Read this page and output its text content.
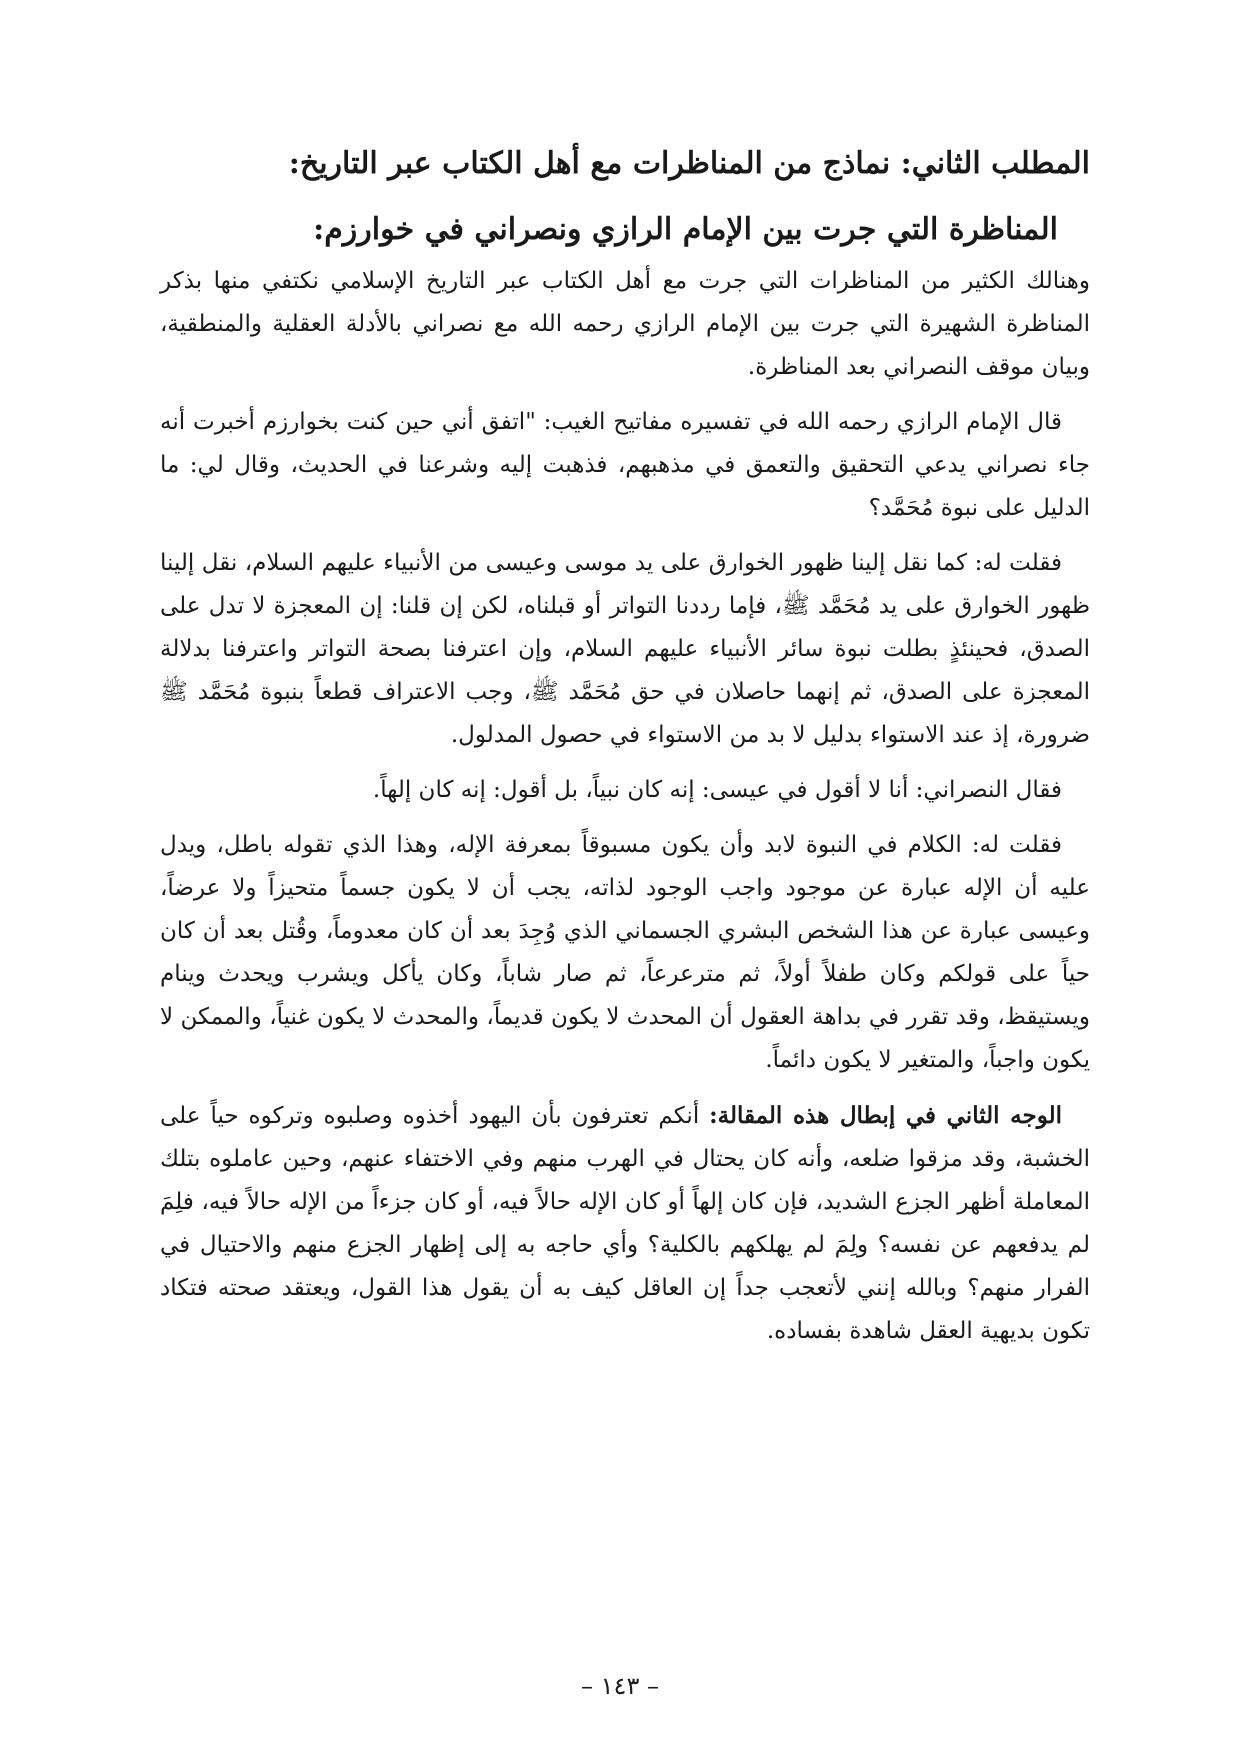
المطلب الثاني: نماذج من المناظرات مع أهل الكتاب عبر التاريخ:
المناظرة التي جرت بين الإمام الرازي ونصراني في خوارزم:

وهنالك الكثير من المناظرات التي جرت مع أهل الكتاب عبر التاريخ الإسلامي نكتفي منها بذكر المناظرة الشهيرة التي جرت بين الإمام الرازي رحمه الله مع نصراني بالأدلة العقلية والمنطقية، وبيان موقف النصراني بعد المناظرة.

قال الإمام الرازي رحمه الله في تفسيره مفاتيح الغيب: "اتفق أني حين كنت بخوارزم أخبرت أنه جاء نصراني يدعي التحقيق والتعمق في مذهبهم، فذهبت إليه وشرعنا في الحديث، وقال لي: ما الدليل على نبوة مُحَمَّد؟

فقلت له: كما نقل إلينا ظهور الخوارق على يد موسى وعيسى من الأنبياء عليهم السلام، نقل إلينا ظهور الخوارق على يد مُحَمَّد ﷺ، فإما رددنا التواتر أو قبلناه، لكن إن قلنا: إن المعجزة لا تدل على الصدق، فحينئذٍ بطلت نبوة سائر الأنبياء عليهم السلام، وإن اعترفنا بصحة التواتر واعترفنا بدلالة المعجزة على الصدق، ثم إنهما حاصلان في حق مُحَمَّد ﷺ، وجب الاعتراف قطعاً بنبوة مُحَمَّد ﷺ ضرورة، إذ عند الاستواء بدليل لا بد من الاستواء في حصول المدلول.

فقال النصراني: أنا لا أقول في عيسى: إنه كان نبياً، بل أقول: إنه كان إلهاً.

فقلت له: الكلام في النبوة لابد وأن يكون مسبوقاً بمعرفة الإله، وهذا الذي تقوله باطل، ويدل عليه أن الإله عبارة عن موجود واجب الوجود لذاته، يجب أن لا يكون جسماً متحيزاً ولا عرضاً، وعيسى عبارة عن هذا الشخص البشري الجسماني الذي وُجِدَ بعد أن كان معدوماً، وقُتل بعد أن كان حياً على قولكم وكان طفلاً أولاً، ثم مترعرعاً، ثم صار شاباً، وكان يأكل ويشرب ويحدث وينام ويستيقظ، وقد تقرر في بداهة العقول أن المحدث لا يكون قديماً، والمحدث لا يكون غنياً، والممكن لا يكون واجباً، والمتغير لا يكون دائماً.

الوجه الثاني في إبطال هذه المقالة: أنكم تعترفون بأن اليهود أخذوه وصلبوه وتركوه حياً على الخشبة، وقد مزقوا ضلعه، وأنه كان يحتال في الهرب منهم وفي الاختفاء عنهم، وحين عاملوه بتلك المعاملة أظهر الجزع الشديد، فإن كان إلهاً أو كان الإله حالاً فيه، أو كان جزءاً من الإله حالاً فيه، فلِمَ لم يدفعهم عن نفسه؟ ولِمَ لم يهلكهم بالكلية؟ وأي حاجه به إلى إظهار الجزع منهم والاحتيال في الفرار منهم؟ وبالله إنني لأتعجب جداً إن العاقل كيف به أن يقول هذا القول، ويعتقد صحته فتكاد تكون بديهية العقل شاهدة بفساده.

– ١٤٣ –
